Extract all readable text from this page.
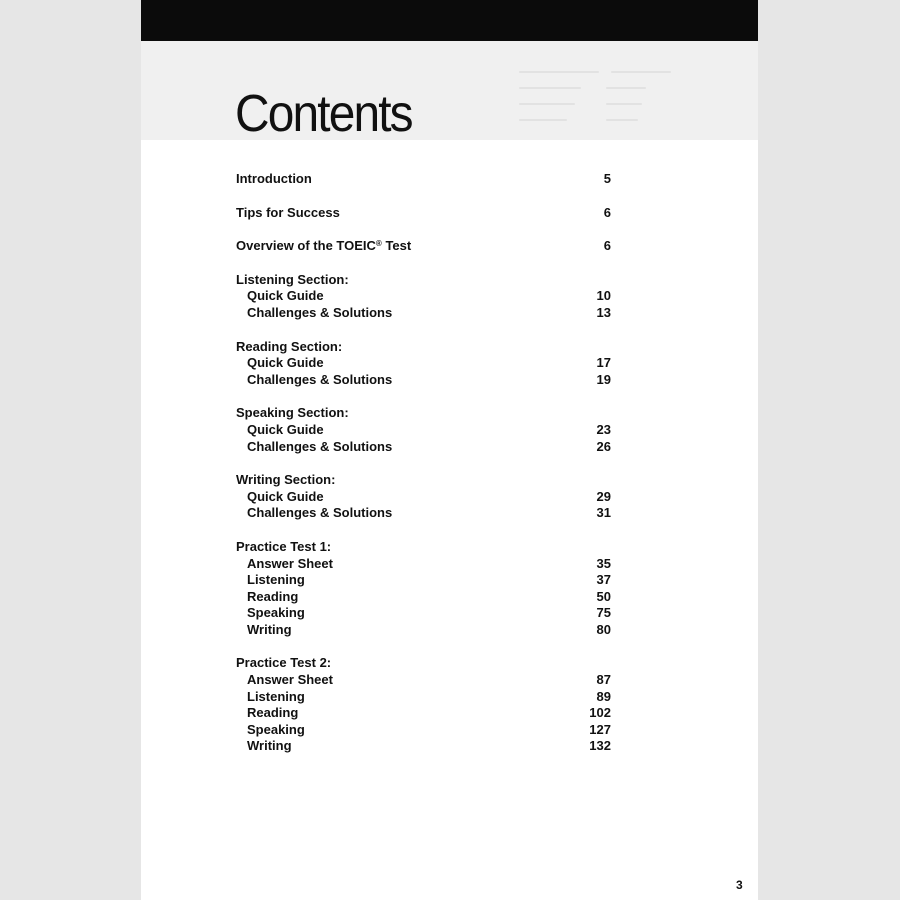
Contents
Introduction	5
Tips for Success	6
Overview of the TOEIC® Test	6
Listening Section:
Quick Guide	10
Challenges & Solutions	13
Reading Section:
Quick Guide	17
Challenges & Solutions	19
Speaking Section:
Quick Guide	23
Challenges & Solutions	26
Writing Section:
Quick Guide	29
Challenges & Solutions	31
Practice Test 1:
Answer Sheet	35
Listening	37
Reading	50
Speaking	75
Writing	80
Practice Test 2:
Answer Sheet	87
Listening	89
Reading	102
Speaking	127
Writing	132
3
